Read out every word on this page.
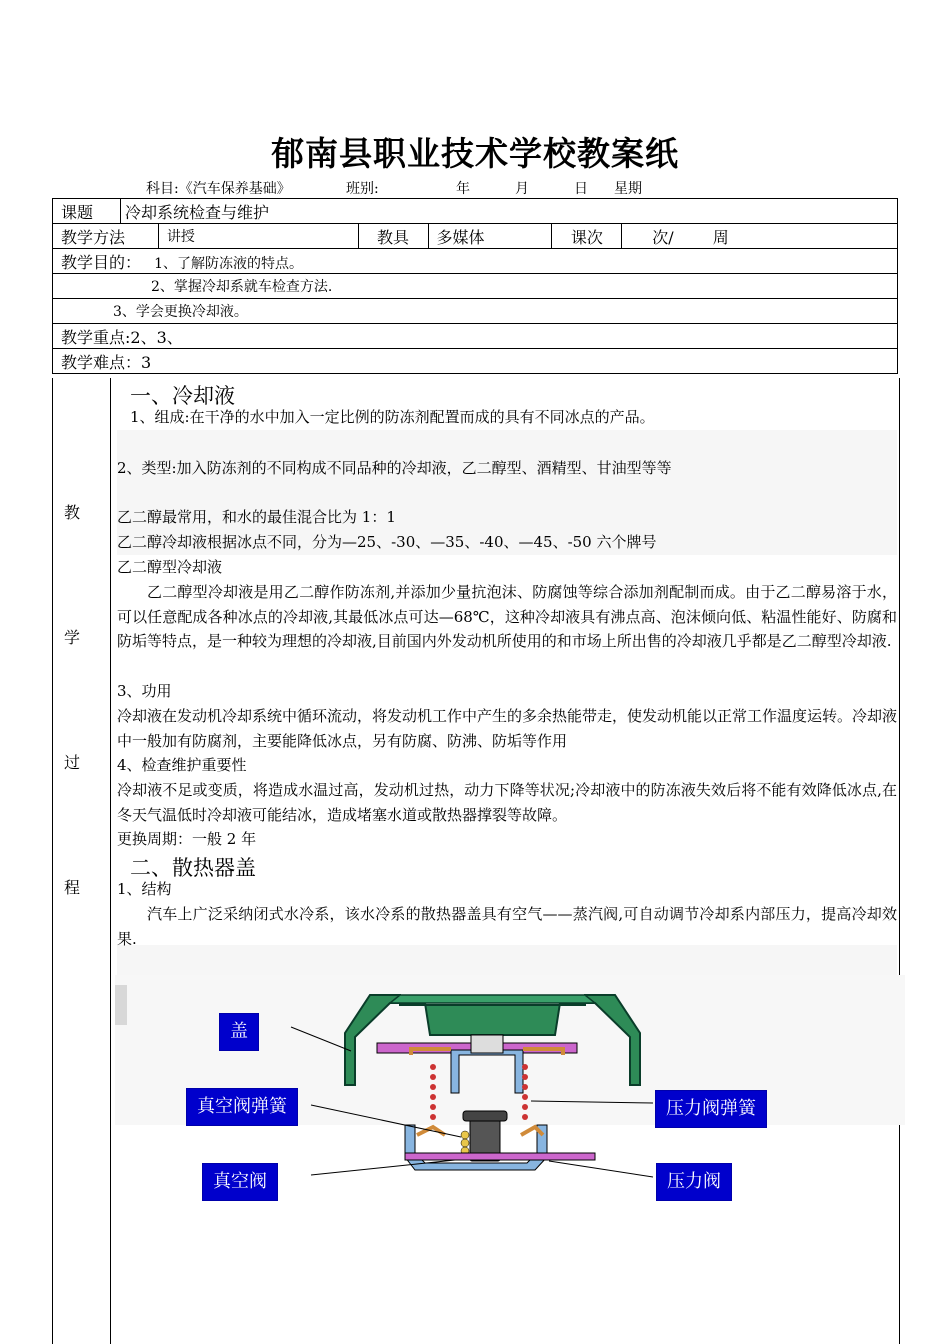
郁南县职业技术学校教案纸
科目:《汽车保养基础》	班别:	年	月	日 星期
课题	冷却系统检查与维护					
教学方法		讲授	教具	多媒体	课次	次/ 周
教学目的： 1、了解防冻液的特点。						
2、掌握冷却系就车检查方法.						
3、学会更换冷却液。						
教学重点:2、3、						
教学难点：3						
教
学
过
程
一、冷却液
1、组成:在干净的水中加入一定比例的防冻剂配置而成的具有不同冰点的产品。
2、类型:加入防冻剂的不同构成不同品种的冷却液，乙二醇型、酒精型、甘油型等等
乙二醇最常用，和水的最佳混合比为 1：1
乙二醇冷却液根据冰点不同，分为—25、-30、—35、-40、—45、-50 六个牌号
乙二醇型冷却液
乙二醇型冷却液是用乙二醇作防冻剂,并添加少量抗泡沫、防腐蚀等综合添加剂配制而成。由于乙二醇易溶于水，可以任意配成各种冰点的冷却液,其最低冰点可达—68℃，这种冷却液具有沸点高、泡沫倾向低、粘温性能好、防腐和防垢等特点，是一种较为理想的冷却液,目前国内外发动机所使用的和市场上所出售的冷却液几乎都是乙二醇型冷却液.
3、功用
冷却液在发动机冷却系统中循环流动，将发动机工作中产生的多余热能带走，使发动机能以正常工作温度运转。冷却液中一般加有防腐剂，主要能降低冰点，另有防腐、防沸、防垢等作用
4、检查维护重要性
冷却液不足或变质，将造成水温过高，发动机过热，动力下降等状况;冷却液中的防冻液失效后将不能有效降低冰点,在冬天气温低时冷却液可能结冰，造成堵塞水道或散热器撑裂等故障。
更换周期：一般 2 年
二、散热器盖
1、结构
汽车上广泛采纳闭式水冷系，该水冷系的散热器盖具有空气——蒸汽阀,可自动调节冷却系内部压力，提高冷却效果.
盖
真空阀弹簧
真空阀
压力阀弹簧
压力阀
